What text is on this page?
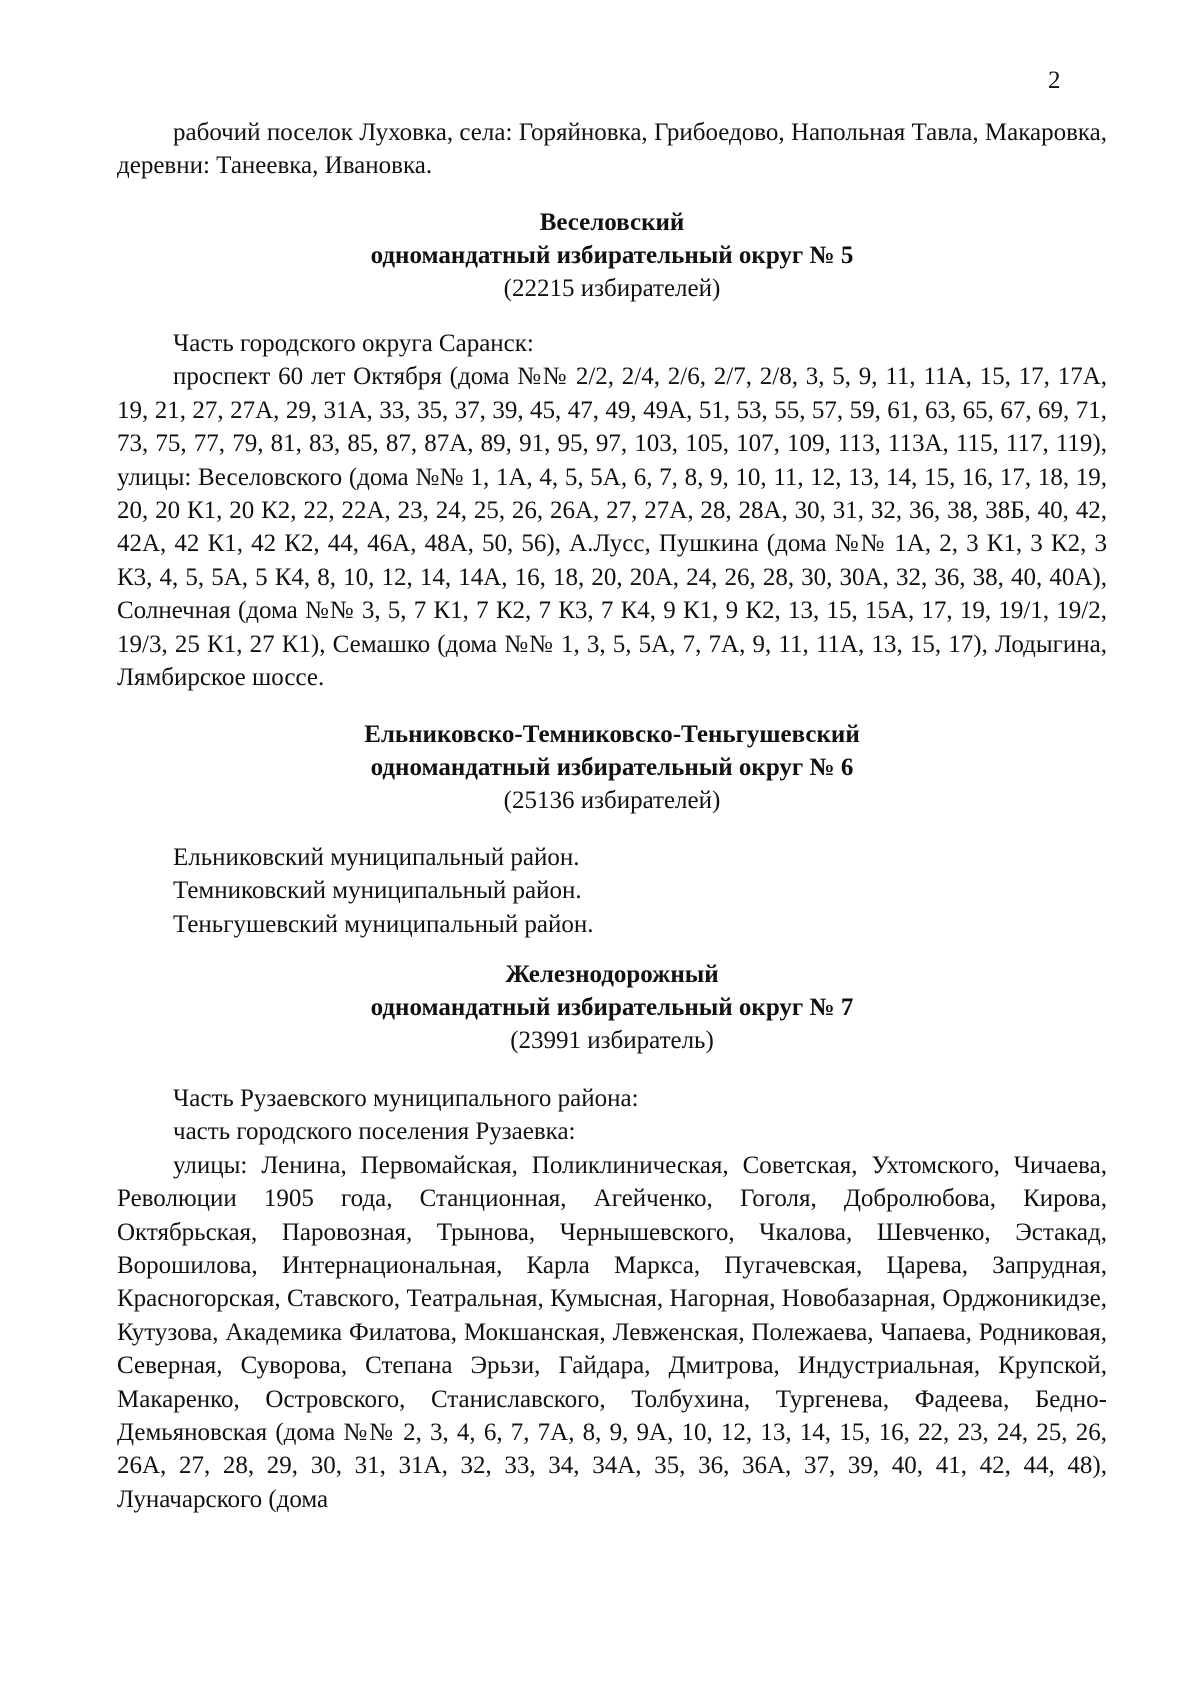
2

рабочий поселок Луховка, села: Горяйновка, Грибоедово, Напольная Тавла, Макаровка, деревни: Танеевка, Ивановка.

Веселовский
одномандатный избирательный округ № 5
(22215 избирателей)

Часть городского округа Саранск:

проспект 60 лет Октября (дома №№ 2/2, 2/4, 2/6, 2/7, 2/8, 3, 5, 9, 11, 11А, 15, 17, 17А, 19, 21, 27, 27А, 29, 31А, 33, 35, 37, 39, 45, 47, 49, 49А, 51, 53, 55, 57, 59, 61, 63, 65, 67, 69, 71, 73, 75, 77, 79, 81, 83, 85, 87, 87А, 89, 91, 95, 97, 103, 105, 107, 109, 113, 113А, 115, 117, 119), улицы: Веселовского (дома №№ 1, 1А, 4, 5, 5А, 6, 7, 8, 9, 10, 11, 12, 13, 14, 15, 16, 17, 18, 19, 20, 20 К1, 20 К2, 22, 22А, 23, 24, 25, 26, 26А, 27, 27А, 28, 28А, 30, 31, 32, 36, 38, 38Б, 40, 42, 42А, 42 К1, 42 К2, 44, 46А, 48А, 50, 56), А.Лусс, Пушкина (дома №№ 1А, 2, 3 К1, 3 К2, 3 К3, 4, 5, 5А, 5 К4, 8, 10, 12, 14, 14А, 16, 18, 20, 20А, 24, 26, 28, 30, 30А, 32, 36, 38, 40, 40А), Солнечная (дома №№ 3, 5, 7 К1, 7 К2, 7 К3, 7 К4, 9 К1, 9 К2, 13, 15, 15А, 17, 19, 19/1, 19/2, 19/3, 25 К1, 27 К1), Семашко (дома №№ 1, 3, 5, 5А, 7, 7А, 9, 11, 11А, 13, 15, 17), Лодыгина, Лямбирское шоссе.

Ельниковско-Темниковско-Теньгушевский
одномандатный избирательный округ № 6
(25136 избирателей)
Ельниковский муниципальный район.
Темниковский муниципальный район.
Теньгушевский муниципальный район.
Железнодорожный
одномандатный избирательный округ № 7
(23991 избиратель)

Часть Рузаевского муниципального района:

часть городского поселения Рузаевка:

улицы: Ленина, Первомайская, Поликлиническая, Советская, Ухтомского, Чичаева, Революции 1905 года, Станционная, Агейченко, Гоголя, Добролюбова, Кирова, Октябрьская, Паровозная, Трынова, Чернышевского, Чкалова, Шевченко, Эстакад, Ворошилова, Интернациональная, Карла Маркса, Пугачевская, Царева, Запрудная, Красногорская, Ставского, Театральная, Кумысная, Нагорная, Новобазарная, Орджоникидзе, Кутузова, Академика Филатова, Мокшанская, Левженская, Полежаева, Чапаева, Родниковая, Северная, Суворова, Степана Эрьзи, Гайдара, Дмитрова, Индустриальная, Крупской, Макаренко, Островского, Станиславского, Толбухина, Тургенева, Фадеева, Бедно-Демьяновская (дома №№ 2, 3, 4, 6, 7, 7А, 8, 9, 9А, 10, 12, 13, 14, 15, 16, 22, 23, 24, 25, 26, 26А, 27, 28, 29, 30, 31, 31А, 32, 33, 34, 34А, 35, 36, 36А, 37, 39, 40, 41, 42, 44, 48), Луначарского (дома
